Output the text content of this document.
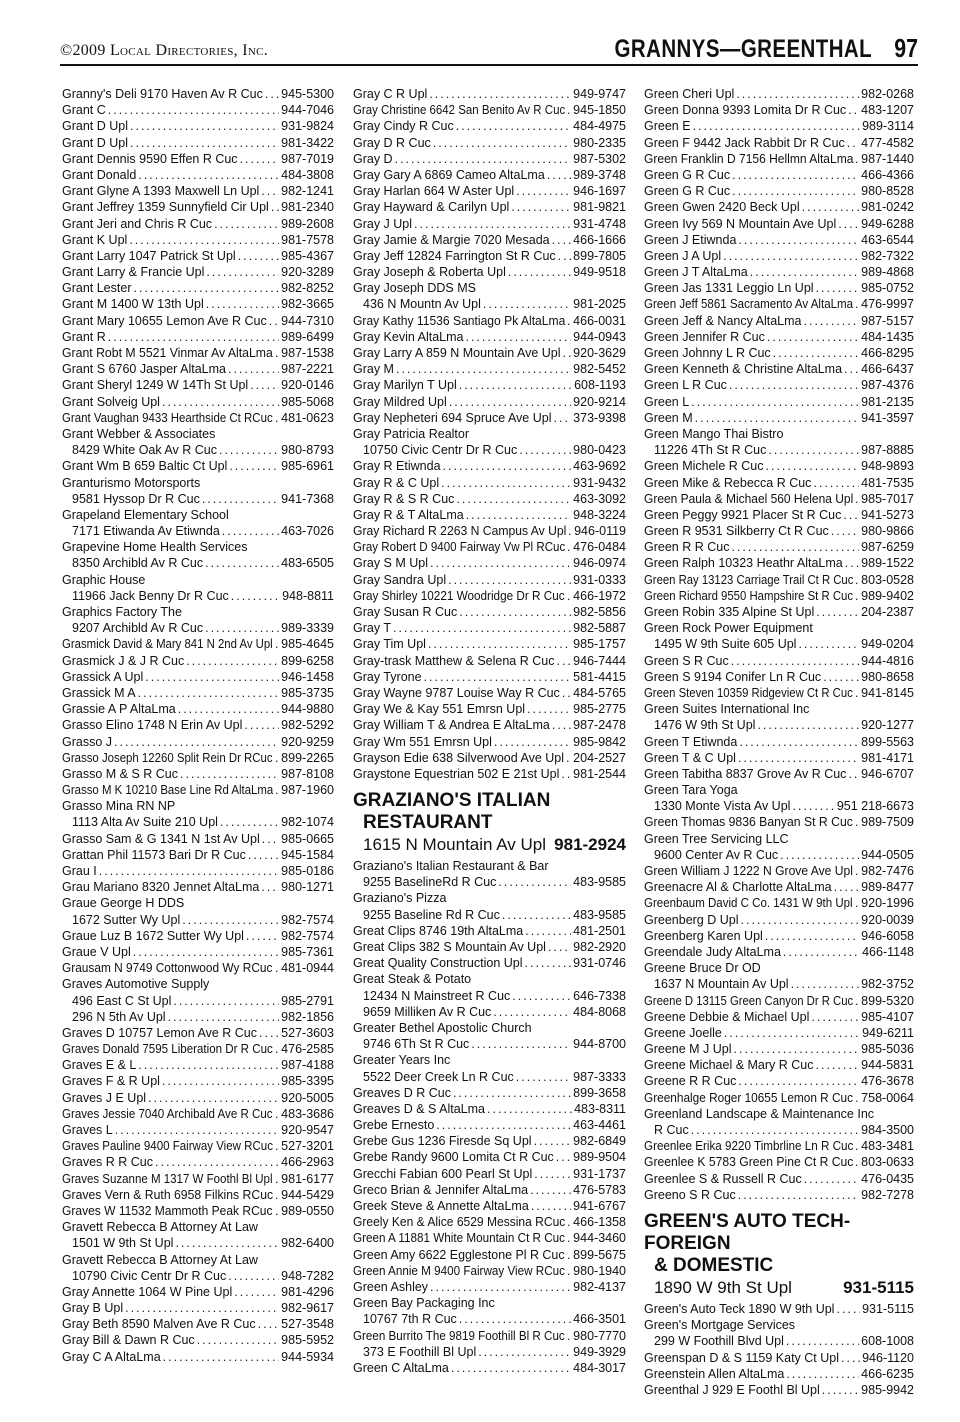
©2009 Local Directories, Inc.	GRANNYS—GREENTHAL 97
Granny's Deli 9170 Haven Av R Cuc ..... 945-5300
Grant C .....	944-7046
Grant D Upl .....	931-9824
Grant D Upl .....	981-3422
Grant Dennis 9590 Effen R Cuc .....	987-7019
Grant Donald .....	484-3808
Grant Glyne A 1393 Maxwell Ln Upl ..... 982-1241
Grant Jeffrey 1359 Sunnyfield Cir Upl ..... 981-2340
Grant Jeri and Chris R Cuc .....	989-2608
Grant K Upl .....	981-7578
Grant Larry 1047 Patrick St Upl .....	985-4367
Grant Larry & Francie Upl .....	920-3289
Grant Lester .....	982-8252
Grant M 1400 W 13th Upl .....	982-3665
Grant Mary 10655 Lemon Ave R Cuc ..... 944-7310
Grant R .....	989-6499
Grant Robt M 5521 Vinmar Av AltaLma ..... 987-1538
Grant S 6760 Jasper AltaLma .....	987-2221
Grant Sheryl 1249 W 14Th St Upl .....	920-0146
Grant Solveig Upl .....	985-5068
Grant Vaughan 9433 Hearthside Ct RCuc ..... 481-0623
Grant Webber & Associates
8429 White Oak Av R Cuc .....	980-8793
Grant Wm B 659 Baltic Ct Upl .....	985-6961
Granturismo Motorsports
9581 Hyssop Dr R Cuc .....	941-7368
Grapeland Elementary School
7171 Etiwanda Av Etiwnda .....	463-7026
Grapevine Home Health Services
8350 Archibld Av R Cuc .....	483-6505
Graphic House
11966 Jack Benny Dr R Cuc .....	948-8811
Graphics Factory The
9207 Archibld Av R Cuc .....	989-3339
Grasmick David & Mary 841 N 2nd Av Upl ..... 985-4645
Grasmick J & J R Cuc .....	899-6258
Grassick A Upl .....	946-1458
Grassick M A .....	985-3735
Grassie A P AltaLma .....	944-9880
Grasso Elino 1748 N Erin Av Upl .....	982-5292
Grasso J .....	920-9259
Grasso Joseph 12260 Split Rein Dr RCuc ..... 899-2265
Grasso M & S R Cuc .....	987-8108
Grasso M K 10210 Base Line Rd AltaLma ..... 987-1960
Grasso Mina RN NP
1113 Alta Av Suite 210 Upl .....	982-1074
Grasso Sam & G 1341 N 1st Av Upl ..... 985-0665
Grattan Phil 11573 Bari Dr R Cuc .....	945-1584
Grau I .....	985-0186
Grau Mariano 8320 Jennet AltaLma ..... 980-1271
Graue George H DDS
1672 Sutter Wy Upl .....	982-7574
Graue Luz B 1672 Sutter Wy Upl .....	982-7574
Graue V Upl .....	985-7361
Grausam N 9749 Cottonwood Wy RCuc ..... 481-0944
Graves Automotive Supply
496 East C St Upl .....	985-2791
296 N 5th Av Upl .....	982-1856
Graves D 10757 Lemon Ave R Cuc ..... 527-3603
Graves Donald 7595 Liberation Dr R Cuc ..... 476-2585
Graves E & L .....	987-4188
Graves F & R Upl .....	985-3395
Graves J E Upl .....	920-5005
Graves Jessie 7040 Archibald Ave R Cuc ..... 483-3686
Graves L .....	920-9547
Graves Pauline 9400 Fairway View RCuc ..... 527-3201
Graves R R Cuc .....	466-2963
Graves Suzanne M 1317 W Foothl Bl Upl ..... 981-6177
Graves Vern & Ruth 6958 Filkins RCuc ..... 944-5429
Graves W 11532 Mammoth Peak RCuc ..... 989-0550
Gravett Rebecca B Attorney At Law
1501 W 9th St Upl .....	982-6400
Gravett Rebecca B Attorney At Law
10790 Civic Centr Dr R Cuc .....	948-7282
Gray Annette 1064 W Pine Upl .....	981-4296
Gray B Upl .....	982-9617
Gray Beth 8590 Malven Ave R Cuc ..... 527-3548
Gray Bill & Dawn R Cuc .....	985-5952
Gray C A AltaLma .....	944-5934
Gray C R Upl .....	949-9747
Gray Christine 6642 San Benito Av R Cuc ..... 945-1850
Gray Cindy R Cuc .....	484-4975
Gray D R Cuc .....	980-2335
Gray D .....	987-5302
Gray Gary A 6869 Cameo AltaLma ..... 989-3748
Gray Harlan 664 W Aster Upl .....	946-1697
Gray Hayward & Carilyn Upl .....	981-9821
Gray J Upl .....	931-4748
Gray Jamie & Margie 7020 Mesada ..... 466-1666
Gray Jeff 12824 Farrington St R Cuc ..... 899-7805
Gray Joseph & Roberta Upl .....	949-9518
Gray Joseph DDS MS
436 N Mountn Av Upl .....	981-2025
Gray Kathy 11536 Santiago Pk AltaLma ..... 466-0031
Gray Kevin AltaLma .....	944-0943
Gray Larry A 859 N Mountain Ave Upl ..... 920-3629
Gray M .....	982-5452
Gray Marilyn T Upl .....	608-1193
Gray Mildred Upl .....	920-9214
Gray Nepheteri 694 Spruce Ave Upl ..... 373-9398
Gray Patricia Realtor
10750 Civic Centr Dr R Cuc .....	980-0423
Gray R Etiwnda .....	463-9692
Gray R & C Upl .....	931-9432
Gray R & S R Cuc .....	463-3092
Gray R & T AltaLma .....	948-3224
Gray Richard R 2263 N Campus Av Upl ..... 946-0119
Gray Robert D 9400 Fairway Vw Pl RCuc ..... 476-0484
Gray S M Upl .....	946-0974
Gray Sandra Upl .....	931-0333
Gray Shirley 10221 Woodridge Dr R Cuc ..... 466-1972
Gray Susan R Cuc .....	982-5856
Gray T .....	982-5887
Gray Tim Upl .....	985-1757
Gray-trask Matthew & Selena R Cuc ..... 946-7444
Gray Tyrone .....	581-4415
Gray Wayne 9787 Louise Way R Cuc ..... 484-5765
Gray We & Kay 551 Emrsn Upl .....	985-2775
Gray William T & Andrea E AltaLma ..... 987-2478
Gray Wm 551 Emrsn Upl .....	985-9842
Grayson Edie 638 Silverwood Ave Upl ..... 204-2527
Graystone Equestrian 502 E 21st Upl ..... 981-2544
GRAZIANO'S ITALIAN
RESTAURANT
1615 N Mountain Av Upl 981-2924
Graziano's Italian Restaurant & Bar
9255 BaselineRd R Cuc .....	483-9585
Graziano's Pizza
9255 Baseline Rd R Cuc .....	483-9585
Great Clips 8746 19th AltaLma .....	481-2501
Great Clips 382 S Mountain Av Upl ..... 982-2920
Great Quality Construction Upl .....	931-0746
Great Steak & Potato
12434 N Mainstreet R Cuc .....	646-7338
9659 Milliken Av R Cuc .....	484-8068
Greater Bethel Apostolic Church
9746 6Th St R Cuc .....	944-8700
Greater Years Inc
5522 Deer Creek Ln R Cuc .....	987-3333
Greaves D R Cuc .....	899-3658
Greaves D & S AltaLma .....	483-8311
Grebe Ernesto .....	463-4461
Grebe Gus 1236 Firesde Sq Upl .....	982-6849
Grebe Randy 9600 Lomita Ct R Cuc ..... 989-9504
Grecchi Fabian 600 Pearl St Upl .....	931-1737
Greco Brian & Jennifer AltaLma .....	476-5783
Greek Steve & Annette AltaLma .....	941-6767
Greely Ken & Alice 6529 Messina RCuc ..... 466-1358
Green A 11881 White Mountain Ct R Cuc ..... 944-3460
Green Amy 6622 Egglestone Pl R Cuc ..... 899-5675
Green Annie M 9400 Fairway View RCuc ..... 980-1940
Green Ashley .....	982-4137
Green Bay Packaging Inc
10767 7th R Cuc .....	466-3501
Green Burrito The 9819 Foothill Bl R Cuc ..... 980-7770
373 E Foothill Bl Upl .....	949-3929
Green C AltaLma .....	484-3017
Green Cheri Upl .....	982-0268
Green Donna 9393 Lomita Dr R Cuc ..... 483-1207
Green E .....	989-3114
Green F 9442 Jack Rabbit Dr R Cuc ..... 477-4582
Green Franklin D 7156 Hellmn AltaLma ..... 987-1440
Green G R Cuc .....	466-4366
Green G R Cuc .....	980-8528
Green Gwen 2420 Beck Upl .....	981-0242
Green Ivy 569 N Mountain Ave Upl ..... 949-6288
Green J Etiwnda .....	463-6544
Green J A Upl .....	982-7322
Green J T AltaLma .....	989-4868
Green Jas 1331 Leggio Ln Upl .....	985-0752
Green Jeff 5861 Sacramento Av AltaLma ..... 476-9997
Green Jeff & Nancy AltaLma .....	987-5157
Green Jennifer R Cuc .....	484-1435
Green Johnny L R Cuc .....	466-8295
Green Kenneth & Christine AltaLma ..... 466-6437
Green L R Cuc .....	987-4376
Green L .....	981-2135
Green M .....	941-3597
Green Mango Thai Bistro
11226 4Th St R Cuc .....	987-8885
Green Michele R Cuc .....	948-9893
Green Mike & Rebecca R Cuc .....	481-7535
Green Paula & Michael 560 Helena Upl ..... 985-7017
Green Peggy 9921 Placer St R Cuc ..... 941-5273
Green R 9531 Silkberry Ct R Cuc .....	980-9866
Green R R Cuc .....	987-6259
Green Ralph 10323 Heathr AltaLma ..... 989-1522
Green Ray 13123 Carriage Trail Ct R Cuc ..... 803-0528
Green Richard 9550 Hampshire St R Cuc ..... 989-9402
Green Robin 335 Alpine St Upl .....	204-2387
Green Rock Power Equipment
1495 W 9th Suite 605 Upl .....	949-0204
Green S R Cuc .....	944-4816
Green S 9194 Conifer Ln R Cuc .....	980-8658
Green Steven 10359 Ridgeview Ct R Cuc ..... 941-8145
Green Suites International Inc
1476 W 9th St Upl .....	920-1277
Green T Etiwnda .....	899-5563
Green T & C Upl .....	981-4171
Green Tabitha 8837 Grove Av R Cuc ..... 946-6707
Green Tara Yoga
1330 Monte Vista Av Upl .....	951 218-6673
Green Thomas 9836 Banyan St R Cuc ..... 989-7509
Green Tree Servicing LLC
9600 Center Av R Cuc .....	944-0505
Green William J 1222 N Grove Ave Upl ..... 982-7476
Greenacre Al & Charlotte AltaLma ..... 989-8477
Greenbaum David C Co. 1431 W 9th Upl ..... 920-1996
Greenberg D Upl .....	920-0039
Greenberg Karen Upl .....	946-6058
Greendale Judy AltaLma .....	466-1148
Greene Bruce Dr OD
1637 N Mountain Av Upl .....	982-3752
Greene D 13115 Green Canyon Dr R Cuc ..... 899-5320
Greene Debbie & Michael Upl .....	985-4107
Greene Joelle .....	949-6211
Greene M J Upl .....	985-5036
Greene Michael & Mary R Cuc .....	944-5831
Greene R R Cuc .....	476-3678
Greenhalge Roger 10655 Lemon R Cuc ..... 758-0064
Greenland Landscape & Maintenance Inc
R Cuc .....	984-3500
Greenlee Erika 9220 Timbrline Ln R Cuc ..... 483-3481
Greenlee K 5783 Green Pine Ct R Cuc ..... 803-0633
Greenlee S & Russell R Cuc .....	476-0435
Greeno S R Cuc .....	982-7278
GREEN'S AUTO TECH-FOREIGN
& DOMESTIC
1890 W 9th St Upl	931-5115
Green's Auto Teck 1890 W 9th Upl ..... 931-5115
Green's Mortgage Services
299 W Foothill Blvd Upl .....	608-1008
Greenspan D & S 1159 Katy Ct Upl ..... 946-1120
Greenstein Allen AltaLma .....	466-6235
Greenthal J 929 E Foothl Bl Upl .....	985-9942
